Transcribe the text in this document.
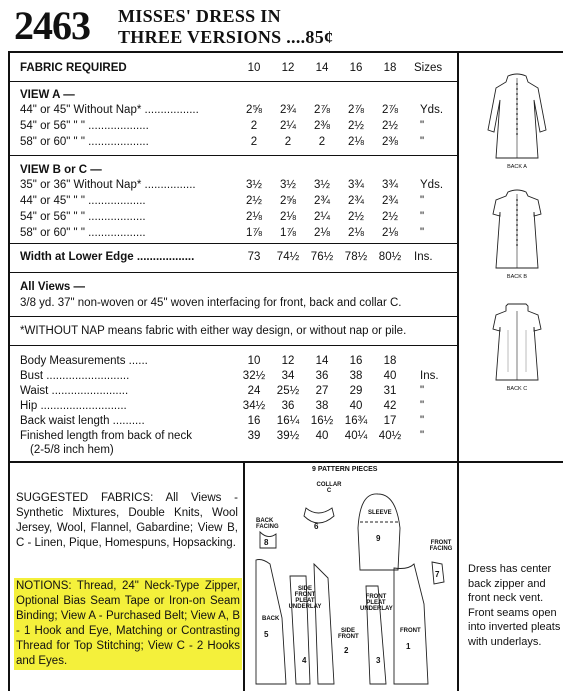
2463 MISSES' DRESS IN
THREE VERSIONS ....85¢
FABRIC REQUIRED	10	12	14	16	18	Sizes
VIEW A —
44" or 45" Without Nap* .................	2⅝	2¾	2⅞	2⅞	2⅞	Yds.
54" or 56" " " ...................	2	2¼	2⅜	2½	2½	"
58" or 60" " " ...................	2	2	2	2⅛	2⅜	"
VIEW B or C —
35" or 36" Without Nap* ................	3½	3½	3½	3¾	3¾	Yds.
44" or 45" " " ..................	2½	2⅝	2¾	2¾	2¾	"
54" or 56" " " ..................	2⅛	2⅛	2¼	2½	2½	"
58" or 60" " " ..................	1⅞	1⅞	2⅛	2⅛	2⅛	"
Width at Lower Edge ..................	73	74½	76½	78½	80½	Ins.
All Views —
3/8 yd. 37" non-woven or 45" woven interfacing for front, back and collar C.
*WITHOUT NAP means fabric with either way design, or without nap or pile.
Body Measurements ......	10	12	14	16	18
Bust ..........................	32½	34	36	38	40	Ins.
Waist ........................	24	25½	27	29	31	"
Hip ...........................	34½	36	38	40	42	"
Back waist length ..........	16	16¼	16½	16¾	17	"
Finished length from back of neck	39	39½	40	40¼	40½	"
(2-5/8 inch hem)
SUGGESTED FABRICS: All Views - Synthetic Mixtures, Double Knits, Wool Jersey, Wool, Flannel, Gabardine; View B, C - Linen, Pique, Homespuns, Hopsacking.
NOTIONS: Thread, 24" Neck-Type Zipper, Optional Bias Seam Tape or Iron-on Seam Binding; View A - Purchased Belt; View A, B - 1 Hook and Eye, Matching or Contrasting Thread for Top Stitching; View C - 2 Hooks and Eyes.
Dress has center back zipper and front neck vent. Front seams open into inverted pleats with underlays.
BACK A
BACK B
BACK C
9 PATTERN PIECES
COLLAR C
6
SLEEVE
9
BACK FACING
8	FRONT FACING
7
BACK
5
SIDE FRONT PLEAT UNDERLAY
4
SIDE FRONT
2
FRONT PLEAT UNDERLAY
3
FRONT
1
